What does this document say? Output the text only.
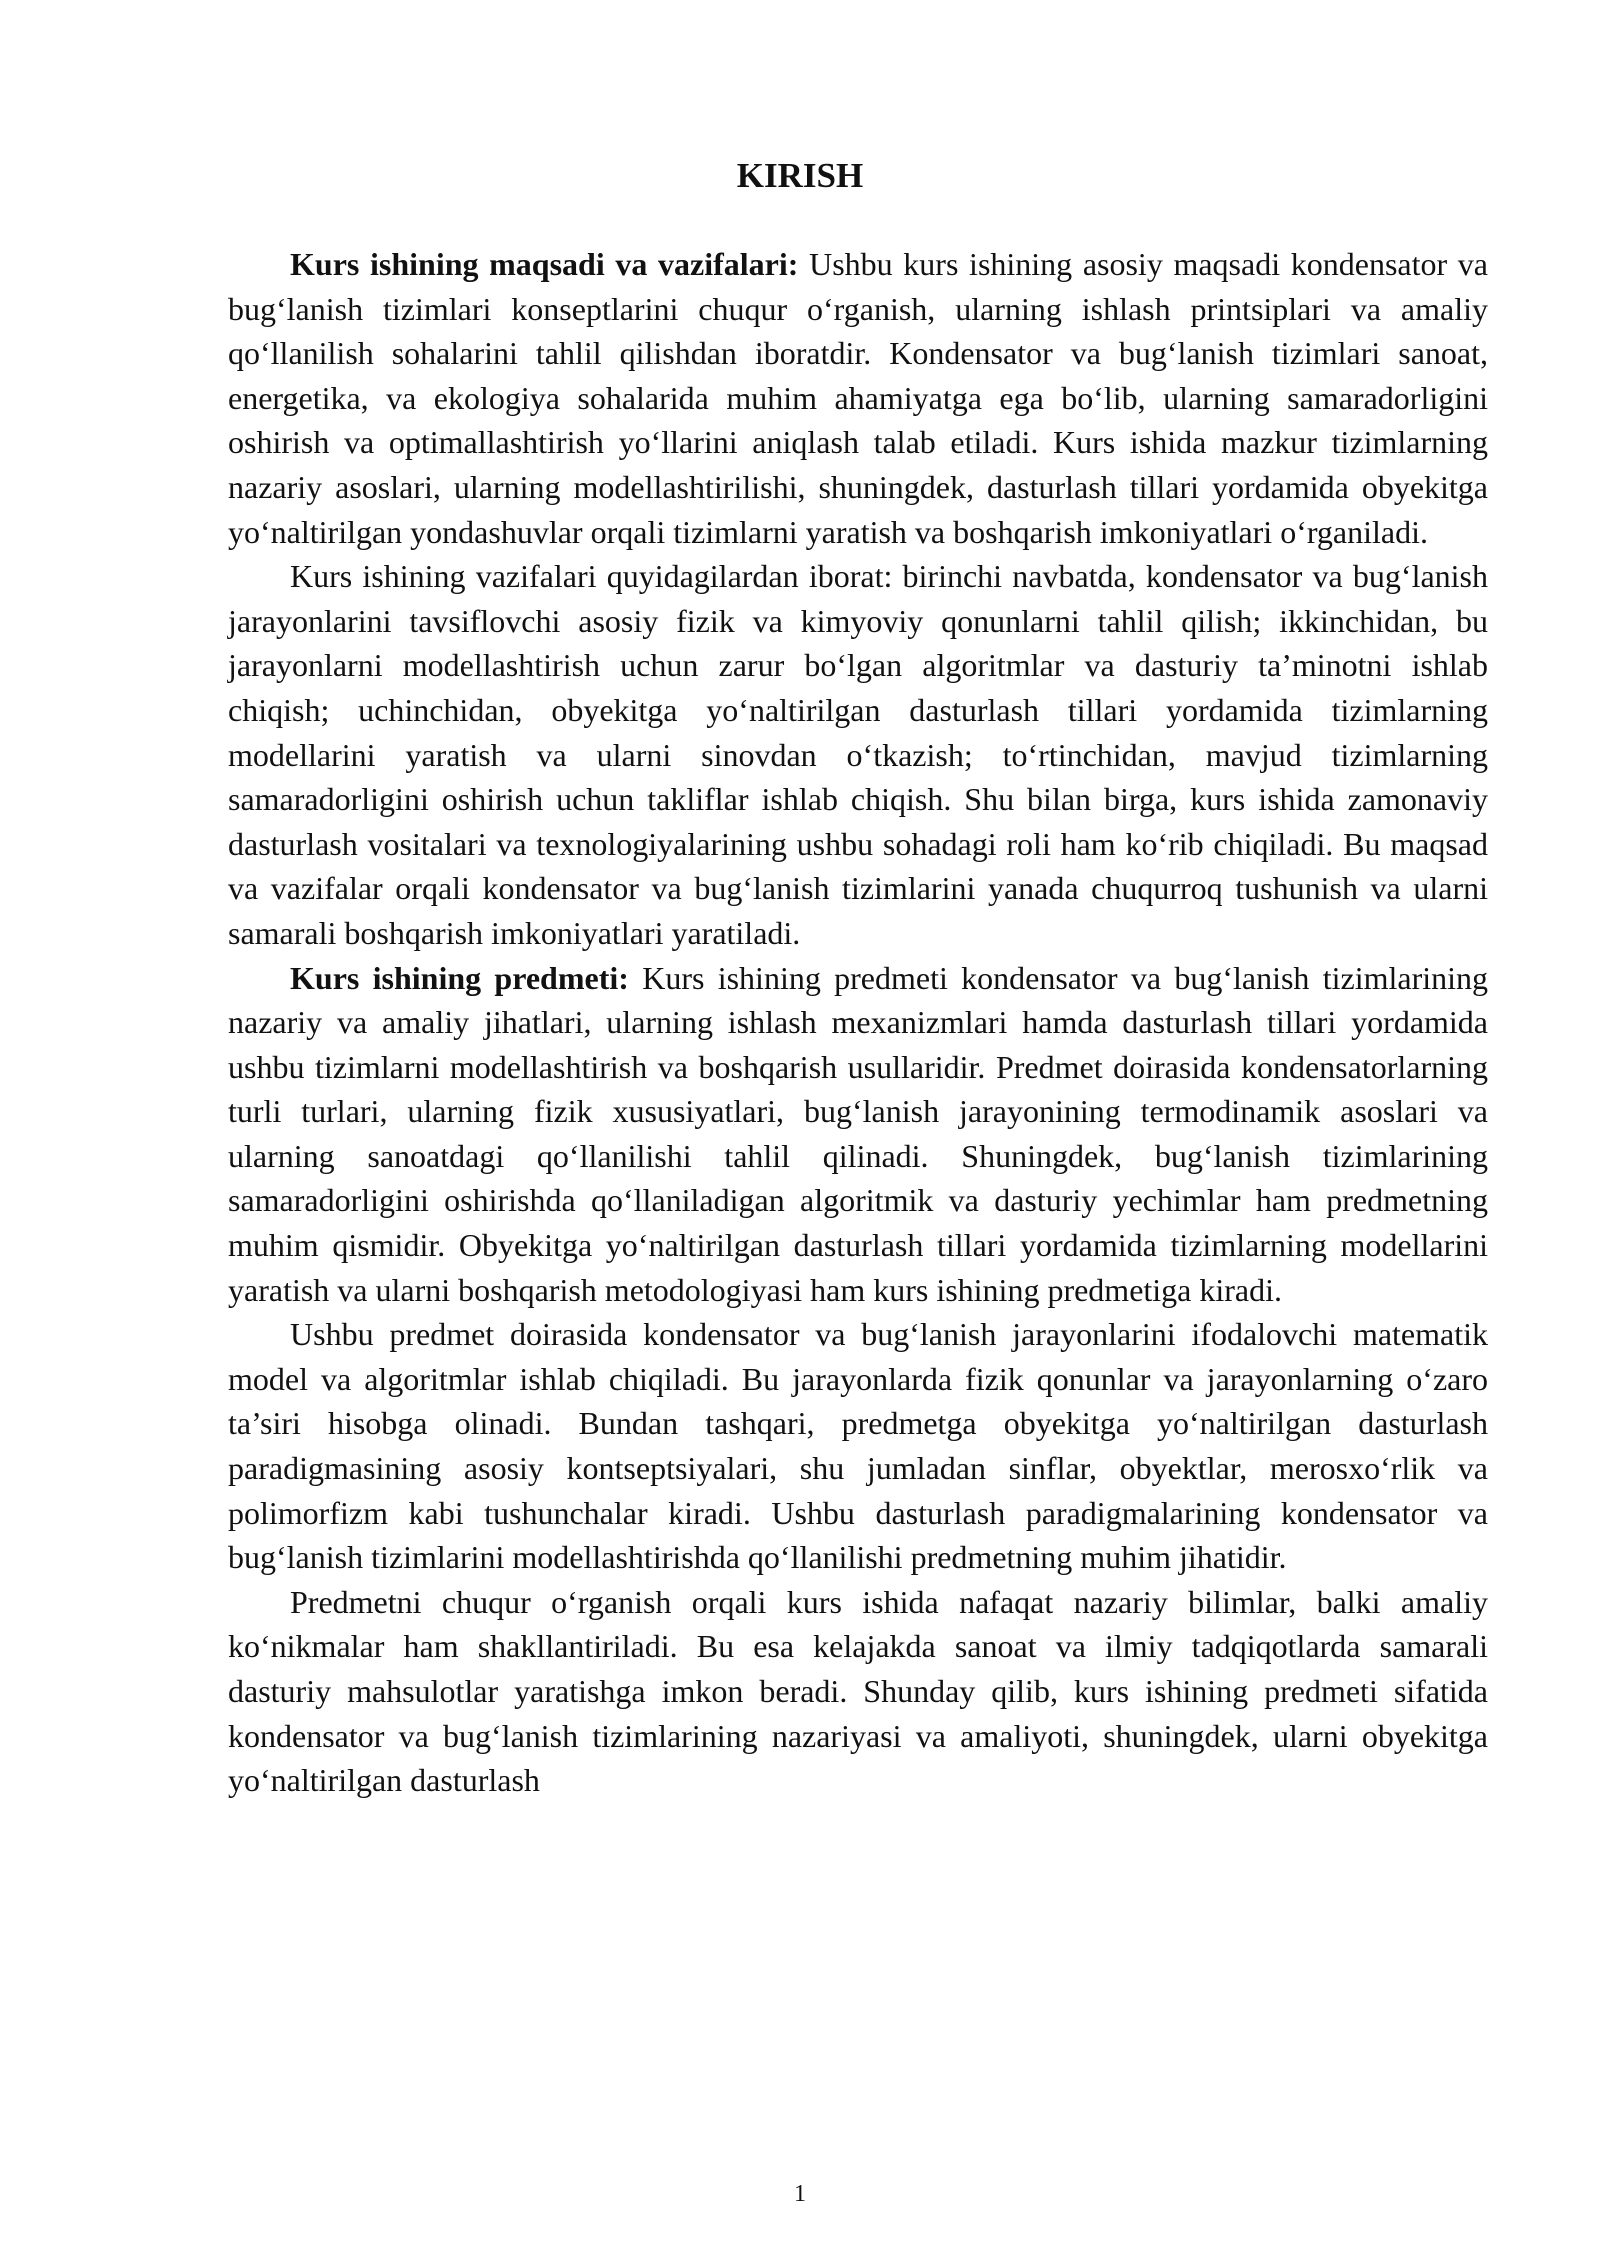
KIRISH

Kurs ishining maqsadi va vazifalari: Ushbu kurs ishining asosiy maqsadi kondensator va bug‘lanish tizimlari konseptlarini chuqur o‘rganish, ularning ishlash printsiplari va amaliy qo‘llanilish sohalarini tahlil qilishdan iboratdir. Kondensator va bug‘lanish tizimlari sanoat, energetika, va ekologiya sohalarida muhim ahamiyatga ega bo‘lib, ularning samaradorligini oshirish va optimallashtirish yo‘llarini aniqlash talab etiladi. Kurs ishida mazkur tizimlarning nazariy asoslari, ularning modellashtirilishi, shuningdek, dasturlash tillari yordamida obyekitga yo‘naltirilgan yondashuvlar orqali tizimlarni yaratish va boshqarish imkoniyatlari o‘rganiladi.

Kurs ishining vazifalari quyidagilardan iborat: birinchi navbatda, kondensator va bug‘lanish jarayonlarini tavsiflovchi asosiy fizik va kimyoviy qonunlarni tahlil qilish; ikkinchidan, bu jarayonlarni modellashtirish uchun zarur bo‘lgan algoritmlar va dasturiy ta’minotni ishlab chiqish; uchinchidan, obyekitga yo‘naltirilgan dasturlash tillari yordamida tizimlarning modellarini yaratish va ularni sinovdan o‘tkazish; to‘rtinchidan, mavjud tizimlarning samaradorligini oshirish uchun takliflar ishlab chiqish. Shu bilan birga, kurs ishida zamonaviy dasturlash vositalari va texnologiyalarining ushbu sohadagi roli ham ko‘rib chiqiladi. Bu maqsad va vazifalar orqali kondensator va bug‘lanish tizimlarini yanada chuqurroq tushunish va ularni samarali boshqarish imkoniyatlari yaratiladi.

Kurs ishining predmeti: Kurs ishining predmeti kondensator va bug‘lanish tizimlarining nazariy va amaliy jihatlari, ularning ishlash mexanizmlari hamda dasturlash tillari yordamida ushbu tizimlarni modellashtirish va boshqarish usullaridir. Predmet doirasida kondensatorlarning turli turlari, ularning fizik xususiyatlari, bug‘lanish jarayonining termodinamik asoslari va ularning sanoatdagi qo‘llanilishi tahlil qilinadi. Shuningdek, bug‘lanish tizimlarining samaradorligini oshirishda qo‘llaniladigan algoritmik va dasturiy yechimlar ham predmetning muhim qismidir. Obyekitga yo‘naltirilgan dasturlash tillari yordamida tizimlarning modellarini yaratish va ularni boshqarish metodologiyasi ham kurs ishining predmetiga kiradi.

Ushbu predmet doirasida kondensator va bug‘lanish jarayonlarini ifodalovchi matematik model va algoritmlar ishlab chiqiladi. Bu jarayonlarda fizik qonunlar va jarayonlarning o‘zaro ta’siri hisobga olinadi. Bundan tashqari, predmetga obyekitga yo‘naltirilgan dasturlash paradigmasining asosiy kontseptsiyalari, shu jumladan sinflar, obyektlar, merosxo‘rlik va polimorfizm kabi tushunchalar kiradi. Ushbu dasturlash paradigmalarining kondensator va bug‘lanish tizimlarini modellashtirishda qo‘llanilishi predmetning muhim jihatidir.

Predmetni chuqur o‘rganish orqali kurs ishida nafaqat nazariy bilimlar, balki amaliy ko‘nikmalar ham shakllantiriladi. Bu esa kelajakda sanoat va ilmiy tadqiqotlarda samarali dasturiy mahsulotlar yaratishga imkon beradi. Shunday qilib, kurs ishining predmeti sifatida kondensator va bug‘lanish tizimlarining nazariyasi va amaliyoti, shuningdek, ularni obyekitga yo‘naltirilgan dasturlash

1
